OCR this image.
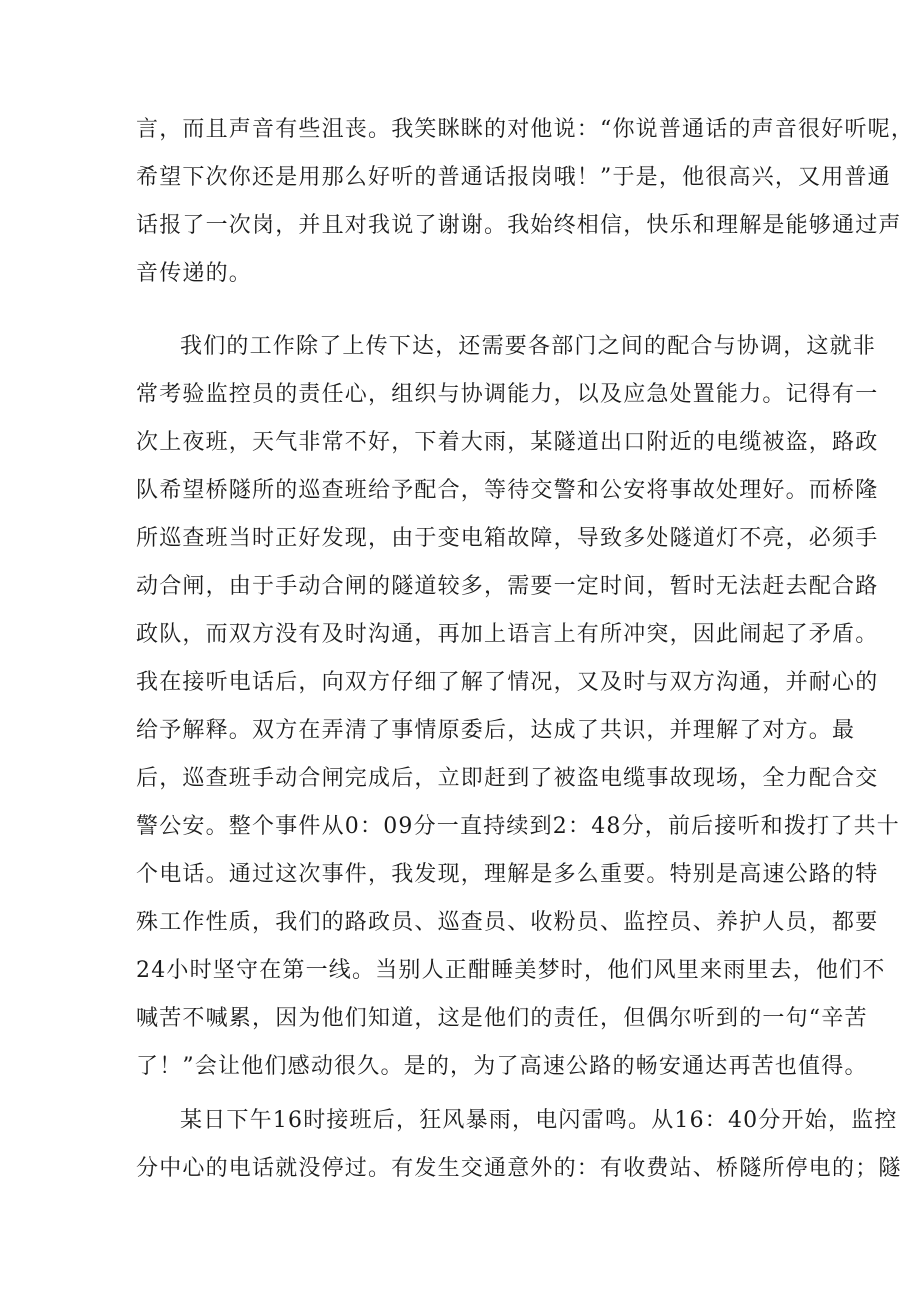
言，而且声音有些沮丧。我笑眯眯的对他说：“你说普通话的声音很好听呢，
希望下次你还是用那么好听的普通话报岗哦！”于是，他很高兴，又用普通
话报了一次岗，并且对我说了谢谢。我始终相信，快乐和理解是能够通过声
音传递的。
我们的工作除了上传下达，还需要各部门之间的配合与协调，这就非
常考验监控员的责任心，组织与协调能力，以及应急处置能力。记得有一
次上夜班，天气非常不好，下着大雨，某隧道出口附近的电缆被盗，路政
队希望桥隧所的巡查班给予配合，等待交警和公安将事故处理好。而桥隆
所巡查班当时正好发现，由于变电箱故障，导致多处隧道灯不亮，必须手
动合闸，由于手动合闸的隧道较多，需要一定时间，暂时无法赶去配合路
政队，而双方没有及时沟通，再加上语言上有所冲突，因此闹起了矛盾。
我在接听电话后，向双方仔细了解了情况，又及时与双方沟通，并耐心的
给予解释。双方在弄清了事情原委后，达成了共识，并理解了对方。最
后，巡查班手动合闸完成后，立即赶到了被盗电缆事故现场，全力配合交
警公安。整个事件从0：09分一直持续到2：48分，前后接听和拨打了共十
个电话。通过这次事件，我发现，理解是多么重要。特别是高速公路的特
殊工作性质，我们的路政员、巡查员、收粉员、监控员、养护人员，都要
24小时坚守在第一线。当别人正酣睡美梦时，他们风里来雨里去，他们不
喊苦不喊累，因为他们知道，这是他们的责任，但偶尔听到的一句“辛苦
了！”会让他们感动很久。是的，为了高速公路的畅安通达再苦也值得。
某日下午16时接班后，狂风暴雨，电闪雷鸣。从16：40分开始，监控
分中心的电话就没停过。有发生交通意外的：有收费站、桥隧所停电的；隧
